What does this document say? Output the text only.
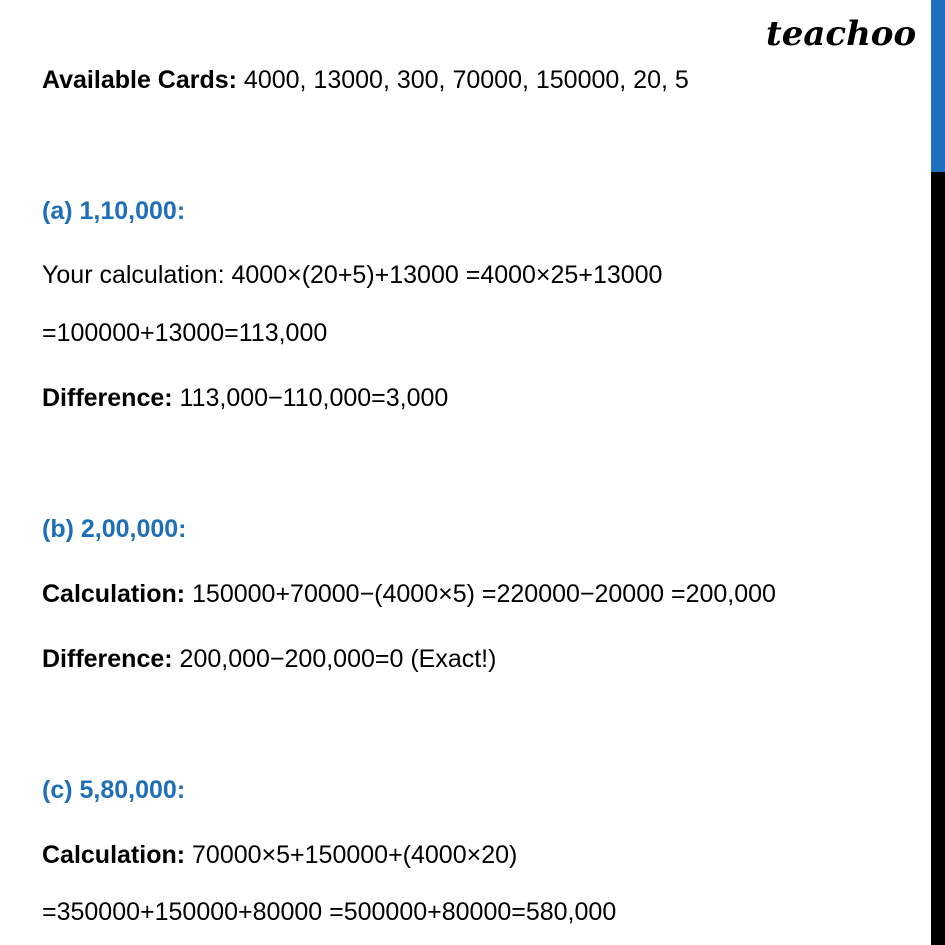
teachoo
Available Cards: 4000, 13000, 300, 70000, 150000, 20, 5
(a) 1,10,000:
Your calculation: 4000×(20+5)+13000 =4000×25+13000
=100000+13000=113,000
Difference: 113,000−110,000=3,000
(b) 2,00,000:
Calculation: 150000+70000−(4000×5) =220000−20000 =200,000
Difference: 200,000−200,000=0 (Exact!)
(c) 5,80,000:
Calculation: 70000×5+150000+(4000×20)
=350000+150000+80000 =500000+80000=580,000
